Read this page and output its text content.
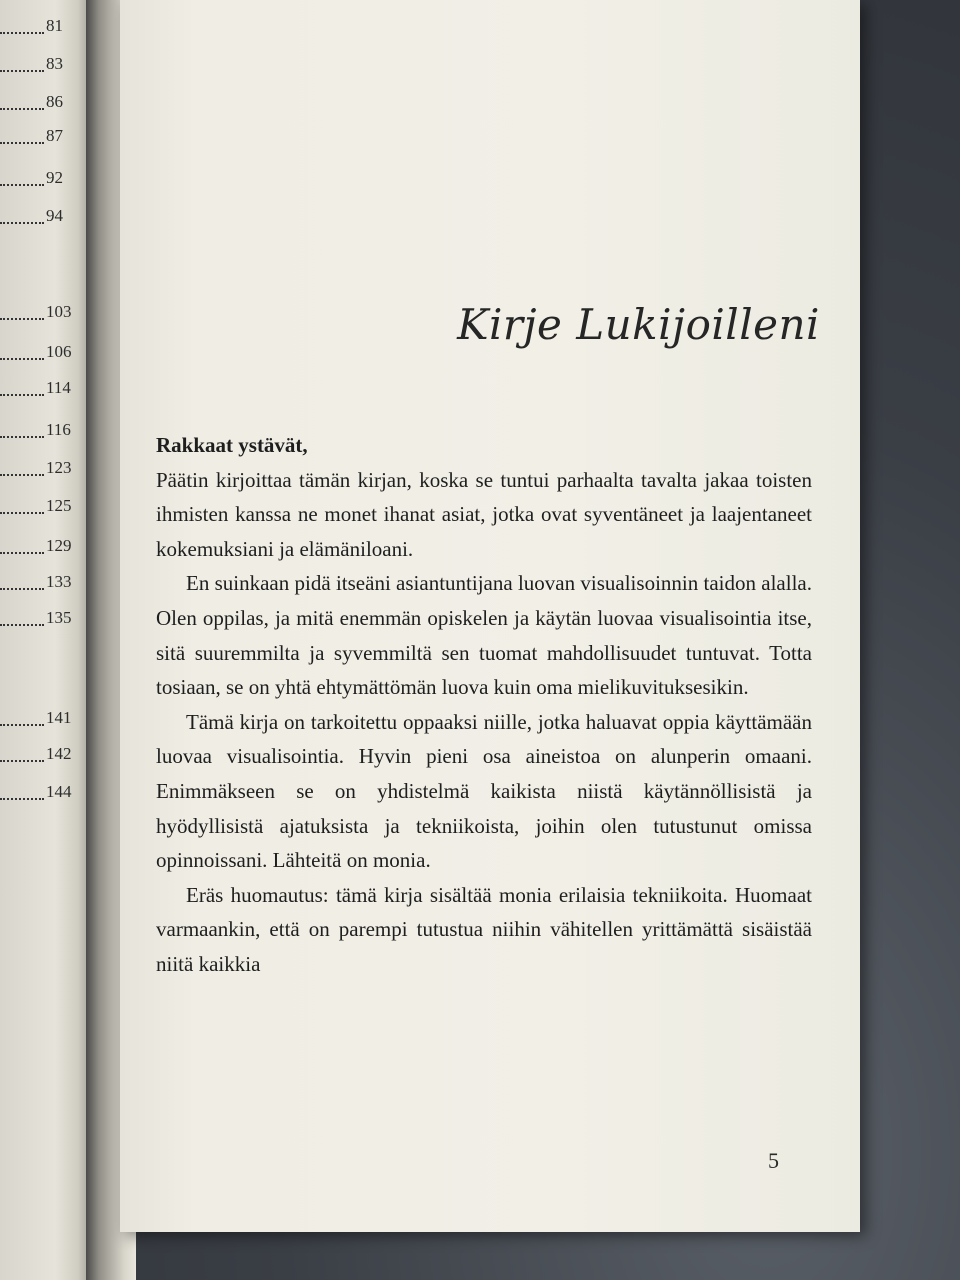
81
83
86
87
92
94
103
106
114
116
123
125
129
133
135
141
142
144
Kirje Lukijoilleni
Rakkaat ystävät,

Päätin kirjoittaa tämän kirjan, koska se tuntui parhaalta tavalta jakaa toisten ihmisten kanssa ne monet ihanat asiat, jotka ovat syventäneet ja laajentaneet kokemuksiani ja elämäniloani.

En suinkaan pidä itseäni asiantuntijana luovan visualisoinnin taidon alalla. Olen oppilas, ja mitä enemmän opiskelen ja käytän luovaa visualisointia itse, sitä suuremmilta ja syvemmiltä sen tuomat mahdollisuudet tuntuvat. Totta tosiaan, se on yhtä ehtymättömän luova kuin oma mielikuvituksesikin.

Tämä kirja on tarkoitettu oppaaksi niille, jotka haluavat oppia käyttämään luovaa visualisointia. Hyvin pieni osa aineistoa on alunperin omaani. Enimmäkseen se on yhdistelmä kaikista niistä käytännöllisistä ja hyödyllisistä ajatuksista ja tekniikoista, joihin olen tutustunut omissa opinnoissani. Lähteitä on monia.

Eräs huomautus: tämä kirja sisältää monia erilaisia tekniikoita. Huomaat varmaankin, että on parempi tutustua niihin vähitellen yrittämättä sisäistää niitä kaikkia

5
